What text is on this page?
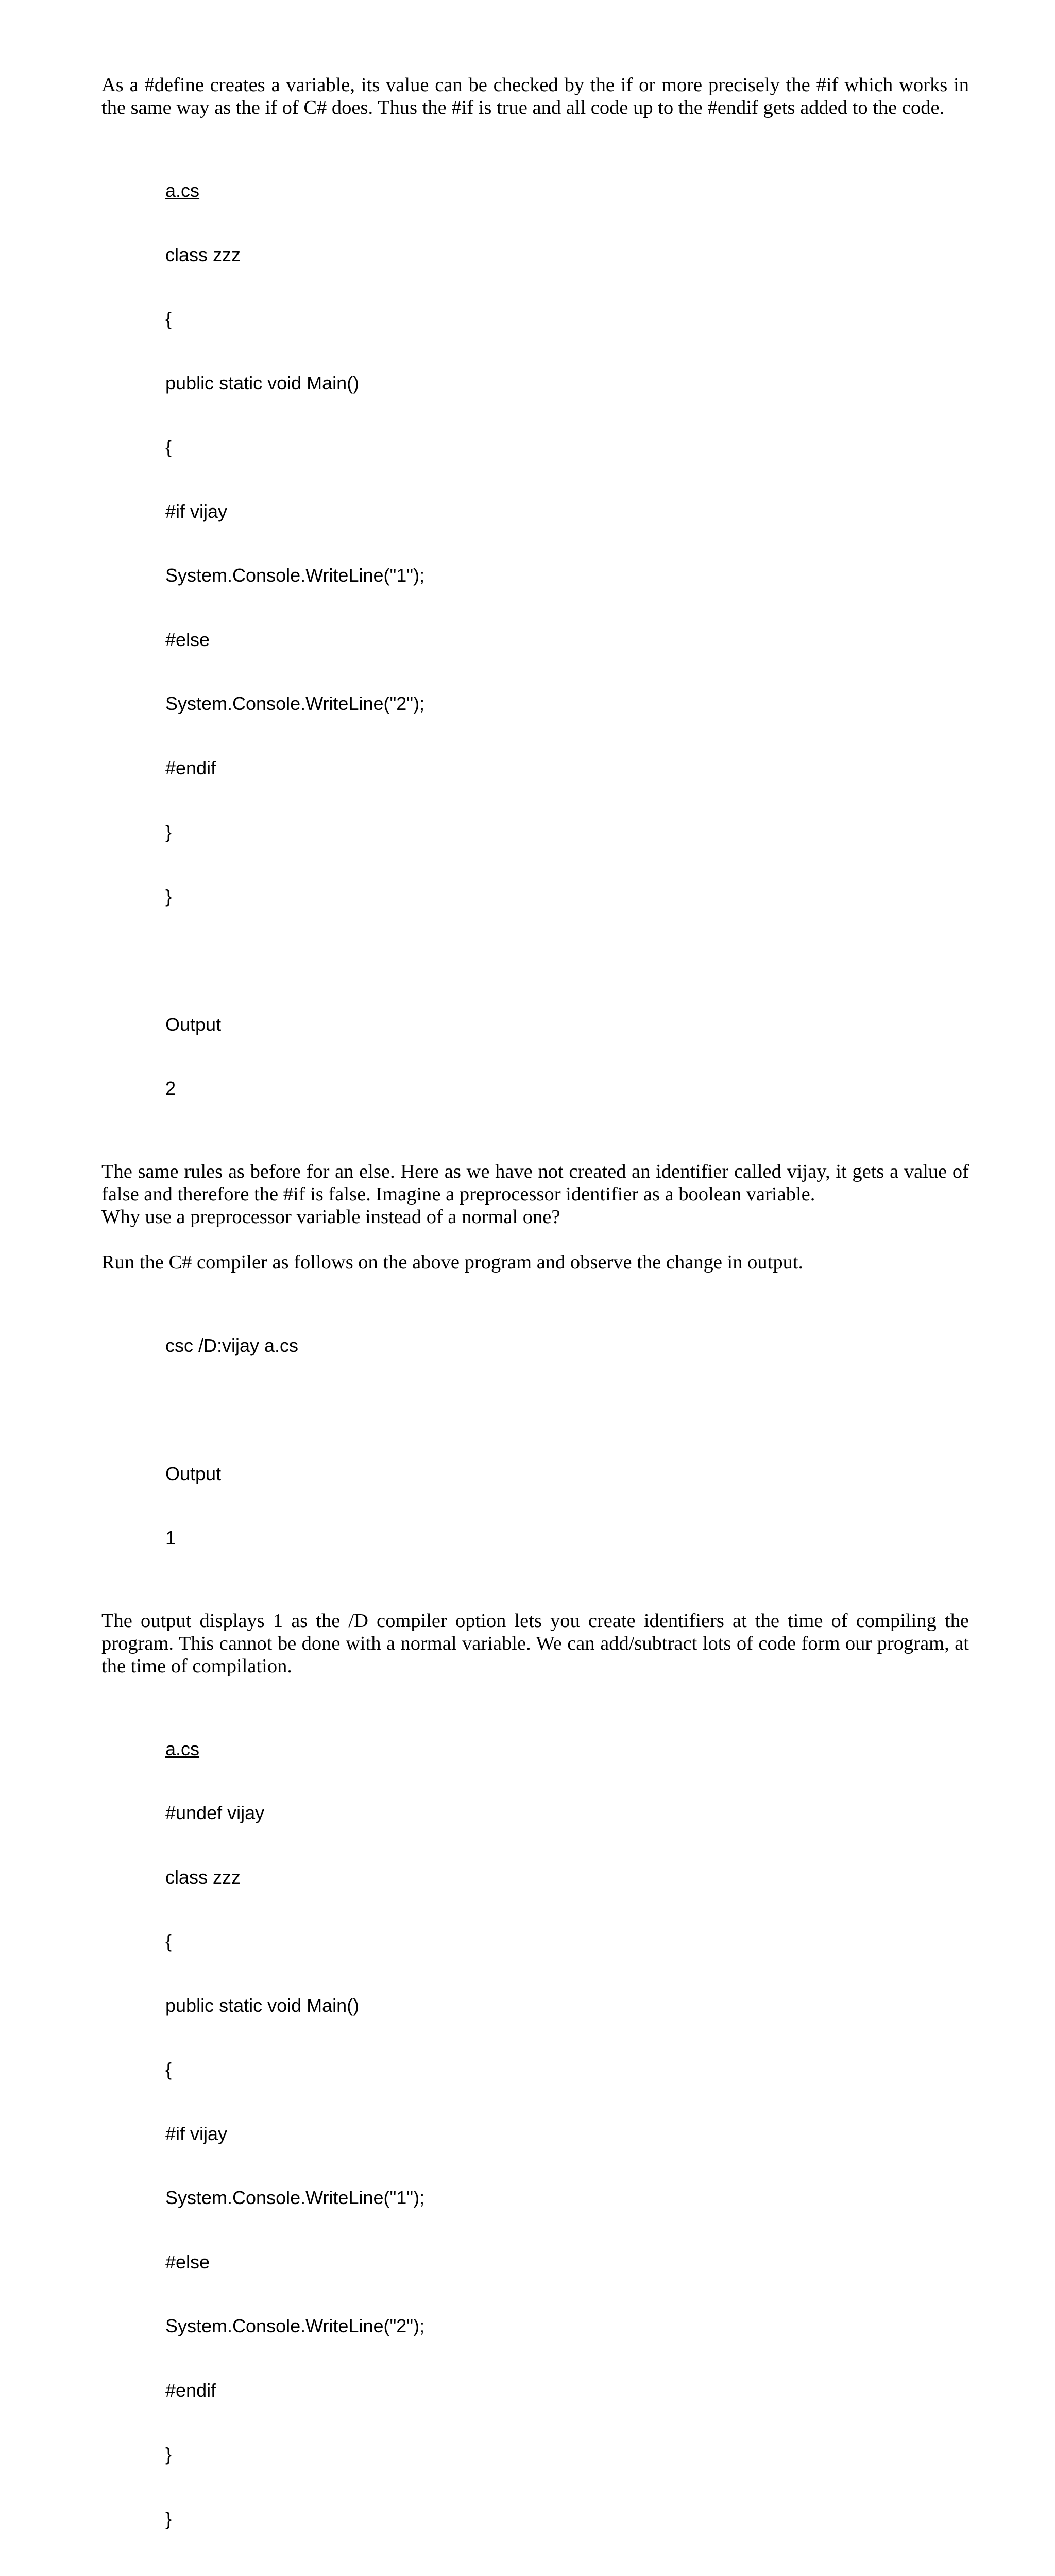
As a #define creates a variable, its value can be checked by the if or more precisely the #if which works in the same way as the if of C# does. Thus the #if is true and all code up to the #endif gets added to the code.

a.cs

class zzz

{

public static void Main()

{

#if vijay

System.Console.WriteLine("1");

#else

System.Console.WriteLine("2");

#endif

}

}

Output

2

The same rules as before for an else. Here as we have not created an identifier called vijay, it gets a value of false and therefore the #if is false. Imagine a preprocessor identifier as a boolean variable.
Why use a preprocessor variable instead of a normal one?

Run the C# compiler as follows on the above program and observe the change in output.

csc /D:vijay a.cs

Output

1

The output displays 1 as the /D compiler option lets you create identifiers at the time of compiling the program. This cannot be done with a normal variable. We can add/subtract lots of code form our program, at the time of compilation.

a.cs

#undef vijay

class zzz

{

public static void Main()

{

#if vijay

System.Console.WriteLine("1");

#else

System.Console.WriteLine("2");

#endif

}

}
